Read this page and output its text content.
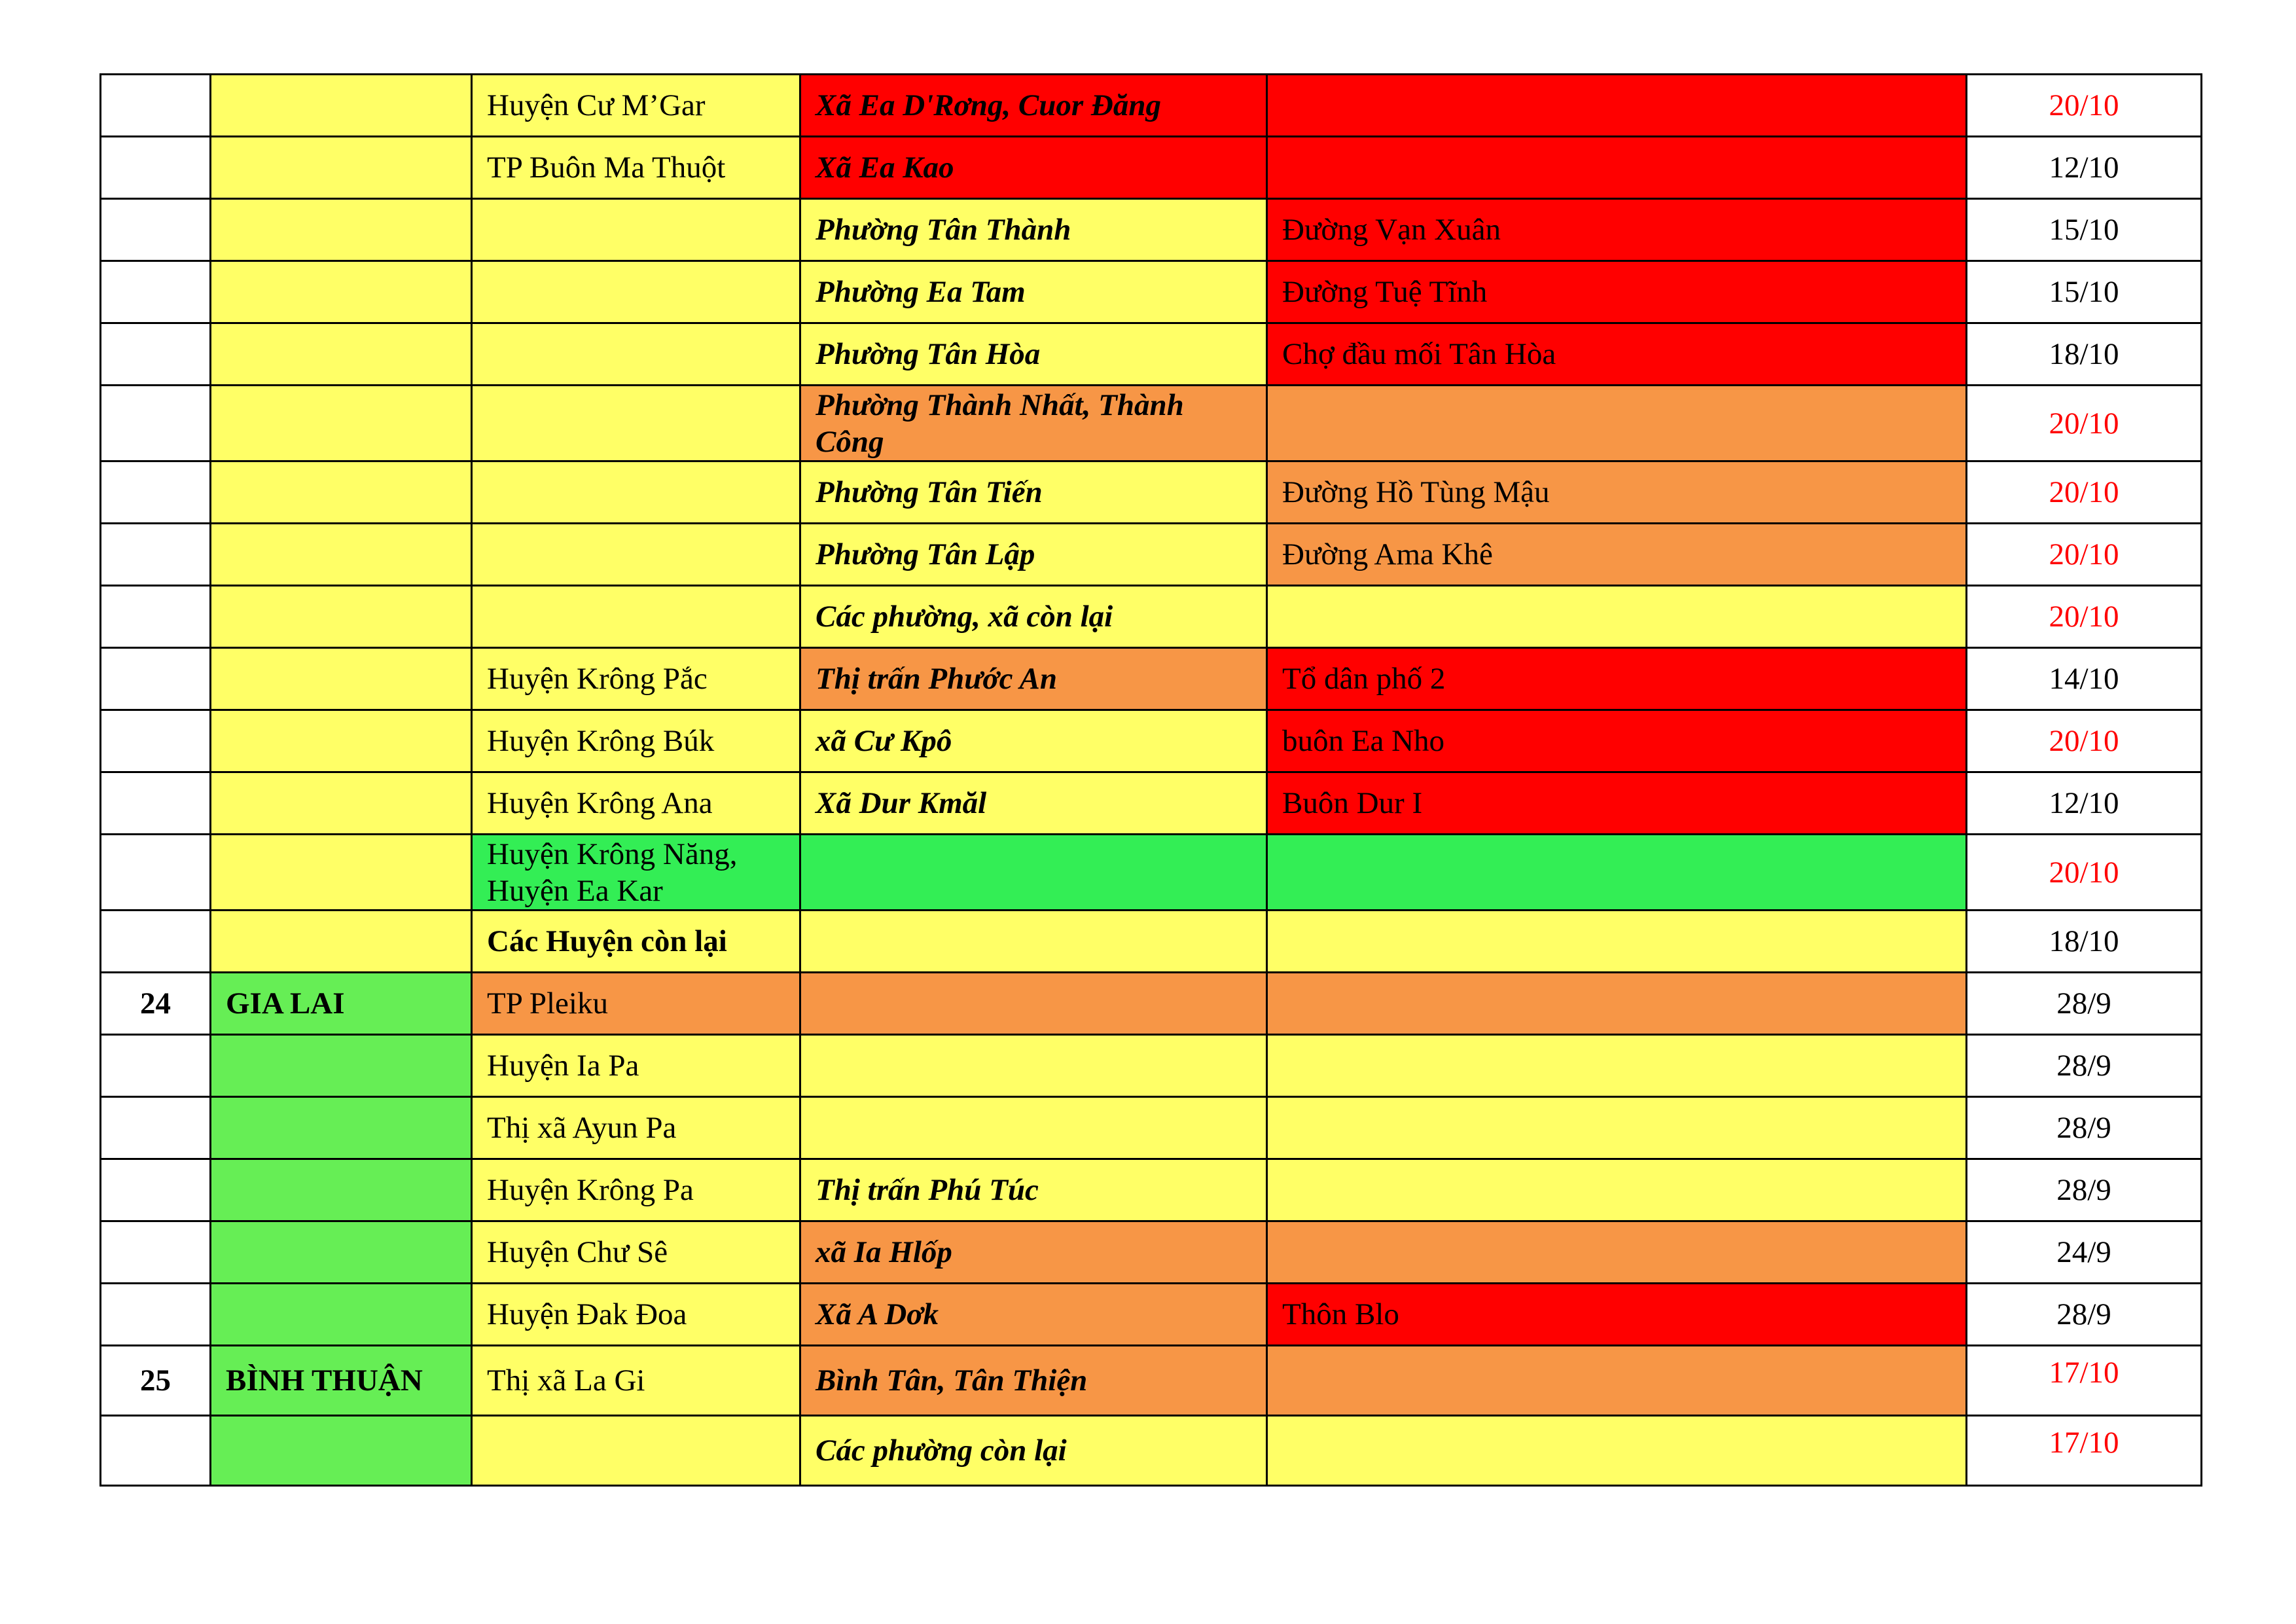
		Huyện Cư M’Gar	Xã Ea D'Rơng, Cuor Đăng		20/10
		TP Buôn Ma Thuột	Xã Ea Kao		12/10
			Phường Tân Thành	Đường Vạn Xuân	15/10
			Phường Ea Tam	Đường Tuệ Tĩnh	15/10
			Phường Tân Hòa	Chợ đầu mối Tân Hòa	18/10
			Phường Thành Nhất, Thành Công		20/10
			Phường Tân Tiến	Đường Hồ Tùng Mậu	20/10
			Phường Tân Lập	Đường Ama Khê	20/10
			Các phường, xã còn lại		20/10
		Huyện Krông Pắc	Thị trấn Phước An	Tổ dân phố 2	14/10
		Huyện Krông Búk	xã Cư Kpô	buôn Ea Nho	20/10
		Huyện Krông Ana	Xã Dur Kmăl	Buôn Dur I	12/10
		Huyện Krông Năng, Huyện Ea Kar			20/10
		Các Huyện còn lại			18/10
24	GIA LAI	TP Pleiku			28/9
		Huyện Ia Pa			28/9
		Thị xã Ayun Pa			28/9
		Huyện Krông Pa	Thị trấn Phú Túc		28/9
		Huyện Chư Sê	xã Ia Hlốp		24/9
		Huyện Đak Đoa	Xã A Dơk	Thôn Blo	28/9
25	BÌNH THUẬN	Thị xã La Gi	Bình Tân, Tân Thiện		17/10
			Các phường còn lại		17/10
